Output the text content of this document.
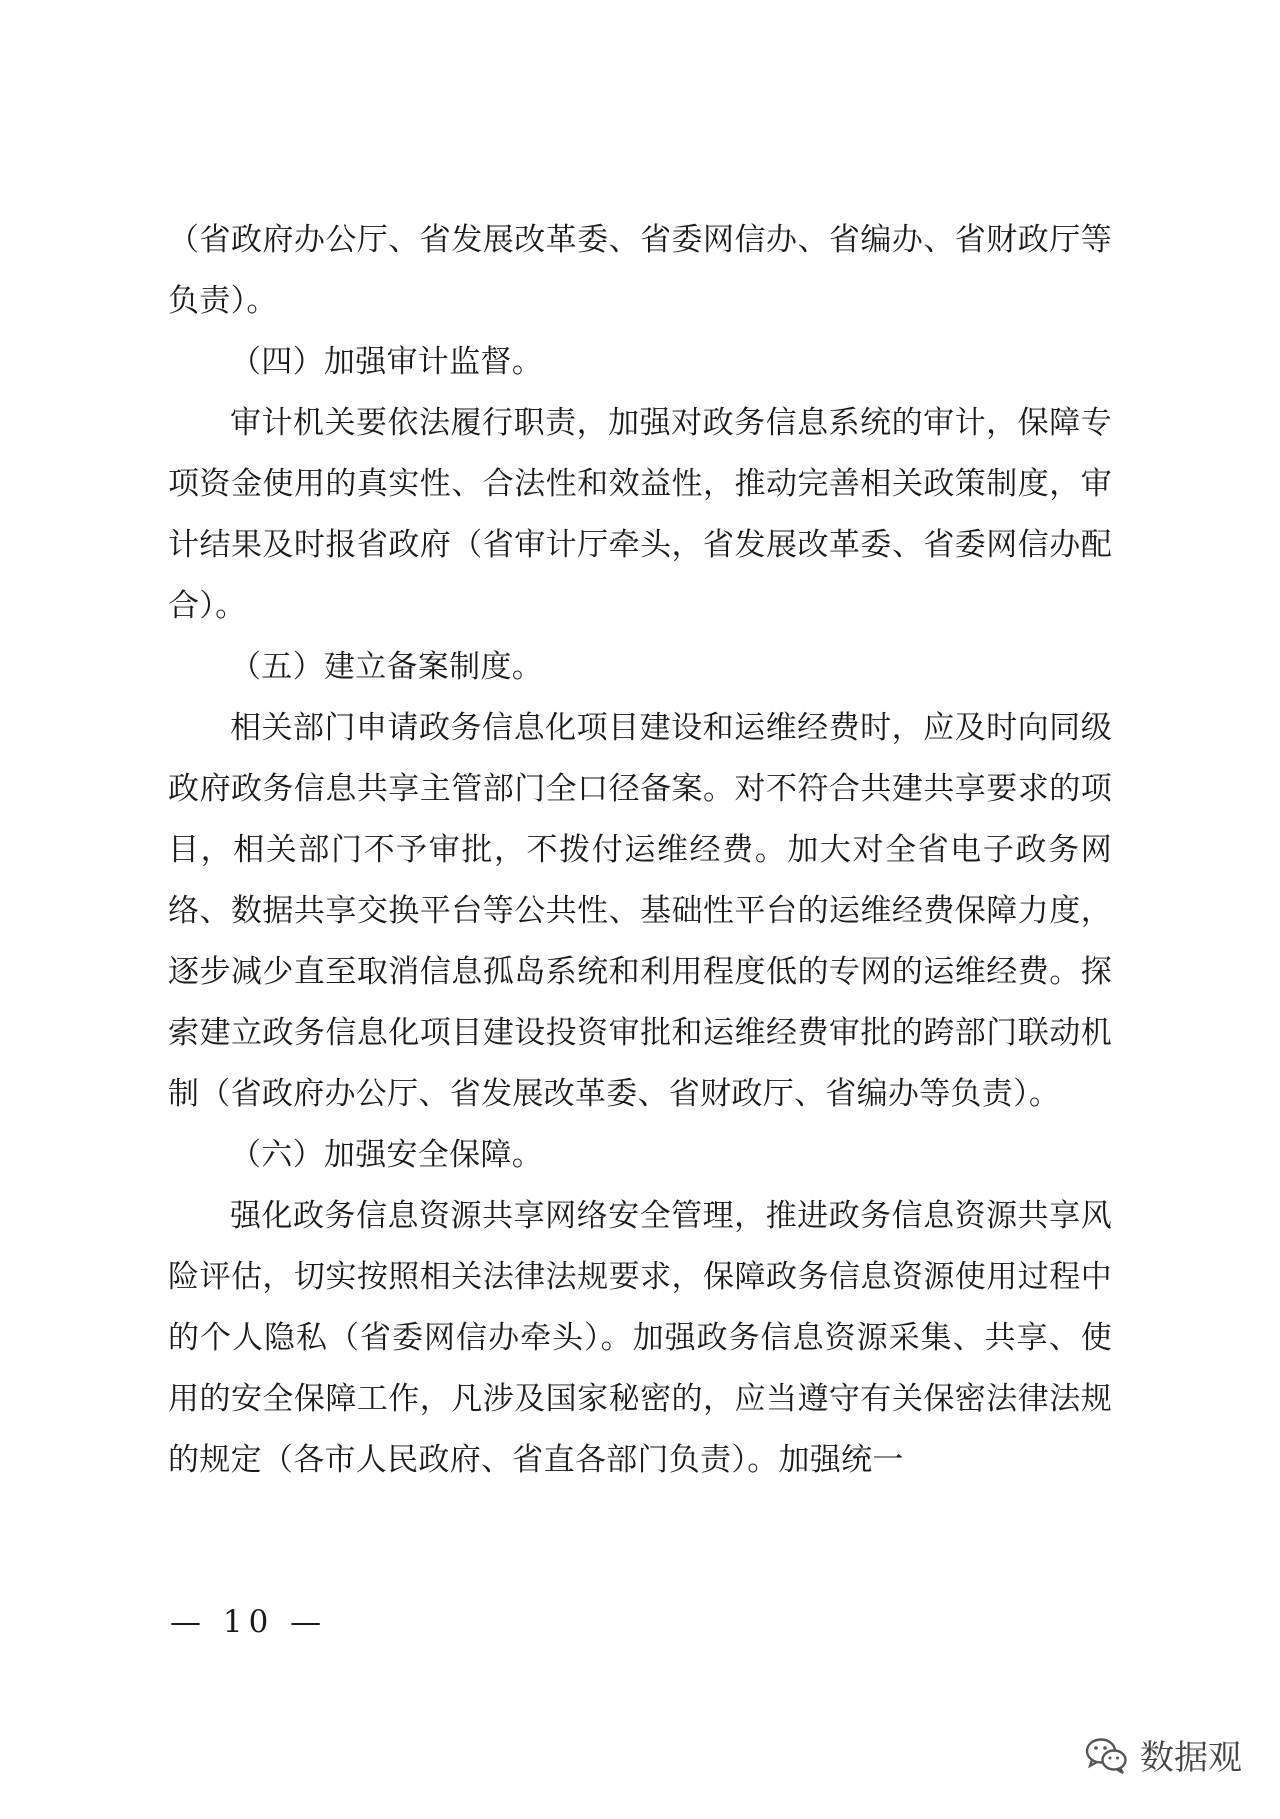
（省政府办公厅、省发展改革委、省委网信办、省编办、省财政厅等负责）。

（四）加强审计监督。

审计机关要依法履行职责，加强对政务信息系统的审计，保障专项资金使用的真实性、合法性和效益性，推动完善相关政策制度，审计结果及时报省政府（省审计厅牵头，省发展改革委、省委网信办配合）。

（五）建立备案制度。

相关部门申请政务信息化项目建设和运维经费时，应及时向同级政府政务信息共享主管部门全口径备案。对不符合共建共享要求的项目，相关部门不予审批，不拨付运维经费。加大对全省电子政务网络、数据共享交换平台等公共性、基础性平台的运维经费保障力度，逐步减少直至取消信息孤岛系统和利用程度低的专网的运维经费。探索建立政务信息化项目建设投资审批和运维经费审批的跨部门联动机制（省政府办公厅、省发展改革委、省财政厅、省编办等负责）。

（六）加强安全保障。

强化政务信息资源共享网络安全管理，推进政务信息资源共享风险评估，切实按照相关法律法规要求，保障政务信息资源使用过程中的个人隐私（省委网信办牵头）。加强政务信息资源采集、共享、使用的安全保障工作，凡涉及国家秘密的，应当遵守有关保密法律法规的规定（各市人民政府、省直各部门负责）。加强统一

— 10 —
数据观
